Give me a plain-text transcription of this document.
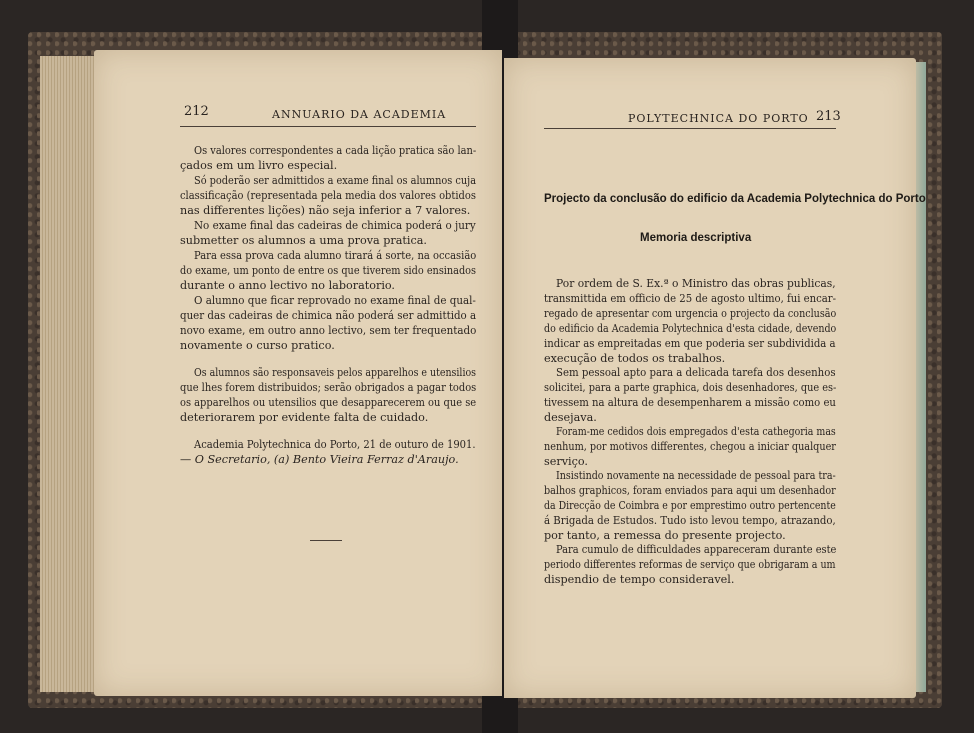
212	ANNUARIO DA ACADEMIA
Os valores correspondentes a cada lição pratica são lan-
çados em um livro especial.
Só poderão ser admittidos a exame final os alumnos cuja
classificação (representada pela media dos valores obtidos
nas differentes lições) não seja inferior a 7 valores.
No exame final das cadeiras de chimica poderá o jury
submetter os alumnos a uma prova pratica.
Para essa prova cada alumno tirará á sorte, na occasião
do exame, um ponto de entre os que tiverem sido ensinados
durante o anno lectivo no laboratorio.
O alumno que ficar reprovado no exame final de qual-
quer das cadeiras de chimica não poderá ser admittido a
novo exame, em outro anno lectivo, sem ter frequentado
novamente o curso pratico.
Os alumnos são responsaveis pelos apparelhos e utensilios
que lhes forem distribuidos; serão obrigados a pagar todos
os apparelhos ou utensilios que desapparecerem ou que se
deteriorarem por evidente falta de cuidado.
Academia Polytechnica do Porto, 21 de outuro de 1901.
— O Secretario, (a) Bento Vieira Ferraz d'Araujo.
POLYTECHNICA DO PORTO 213
Projecto da conclusão do edificio da Academia Polytechnica do Porto
Memoria descriptiva
Por ordem de S. Ex.ª o Ministro das obras publicas,
transmittida em officio de 25 de agosto ultimo, fui encar-
regado de apresentar com urgencia o projecto da conclusão
do edificio da Academia Polytechnica d'esta cidade, devendo
indicar as empreitadas em que poderia ser subdividida a
execução de todos os trabalhos.
Sem pessoal apto para a delicada tarefa dos desenhos
solicitei, para a parte graphica, dois desenhadores, que es-
tivessem na altura de desempenharem a missão como eu
desejava.
Foram-me cedidos dois empregados d'esta cathegoria mas
nenhum, por motivos differentes, chegou a iniciar qualquer
serviço.
Insistindo novamente na necessidade de pessoal para tra-
balhos graphicos, foram enviados para aqui um desenhador
da Direcção de Coimbra e por emprestimo outro pertencente
á Brigada de Estudos. Tudo isto levou tempo, atrazando,
por tanto, a remessa do presente projecto.
Para cumulo de difficuldades appareceram durante este
periodo differentes reformas de serviço que obrigaram a um
dispendio de tempo consideravel.
